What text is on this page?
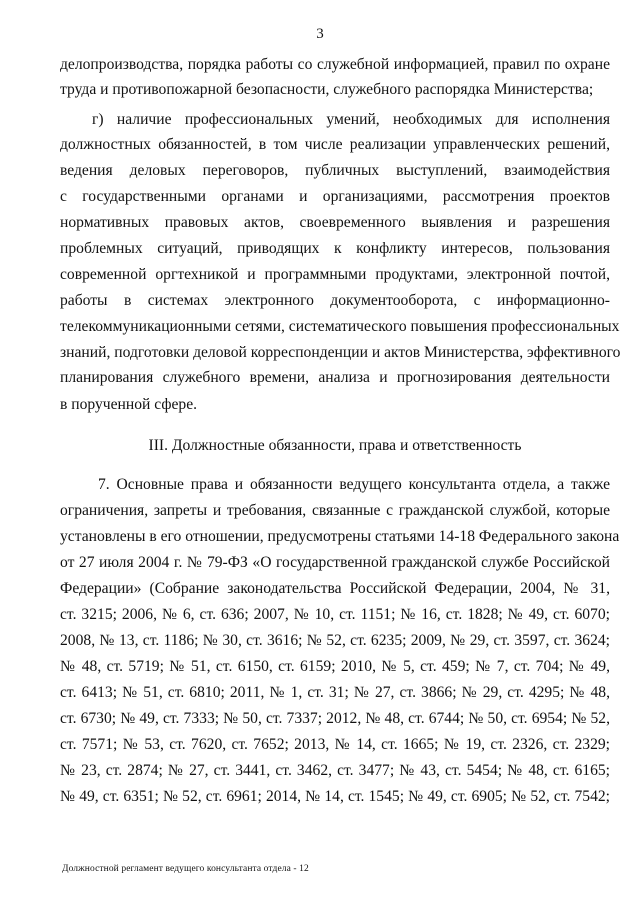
3
делопроизводства, порядка работы со служебной информацией, правил по охране
труда и противопожарной безопасности, служебного распорядка Министерства;
г) наличие профессиональных умений, необходимых для исполнения
должностных обязанностей, в том числе реализации управленческих решений,
ведения деловых переговоров, публичных выступлений, взаимодействия
с государственными органами и организациями, рассмотрения проектов
нормативных правовых актов, своевременного выявления и разрешения
проблемных ситуаций, приводящих к конфликту интересов, пользования
современной оргтехникой и программными продуктами, электронной почтой,
работы в системах электронного документооборота, с информационно-
телекоммуникационными сетями, систематического повышения профессиональных
знаний, подготовки деловой корреспонденции и актов Министерства, эффективного
планирования служебного времени, анализа и прогнозирования деятельности
в порученной сфере.
III. Должностные обязанности, права и ответственность
7. Основные права и обязанности ведущего консультанта отдела, а также
ограничения, запреты и требования, связанные с гражданской службой, которые
установлены в его отношении, предусмотрены статьями 14-18 Федерального закона
от 27 июля 2004 г. № 79-ФЗ «О государственной гражданской службе Российской
Федерации» (Собрание законодательства Российской Федерации, 2004, № 31,
ст. 3215; 2006, № 6, ст. 636; 2007, № 10, ст. 1151; № 16, ст. 1828; № 49, ст. 6070;
2008, № 13, ст. 1186; № 30, ст. 3616; № 52, ст. 6235; 2009, № 29, ст. 3597, ст. 3624;
№ 48, ст. 5719; № 51, ст. 6150, ст. 6159; 2010, № 5, ст. 459; № 7, ст. 704; № 49,
ст. 6413; № 51, ст. 6810; 2011, № 1, ст. 31; № 27, ст. 3866; № 29, ст. 4295; № 48,
ст. 6730; № 49, ст. 7333; № 50, ст. 7337; 2012, № 48, ст. 6744; № 50, ст. 6954; № 52,
ст. 7571; № 53, ст. 7620, ст. 7652; 2013, № 14, ст. 1665; № 19, ст. 2326, ст. 2329;
№ 23, ст. 2874; № 27, ст. 3441, ст. 3462, ст. 3477; № 43, ст. 5454; № 48, ст. 6165;
№ 49, ст. 6351; № 52, ст. 6961; 2014, № 14, ст. 1545; № 49, ст. 6905; № 52, ст. 7542;
Должностной регламент ведущего консультанта отдела - 12
